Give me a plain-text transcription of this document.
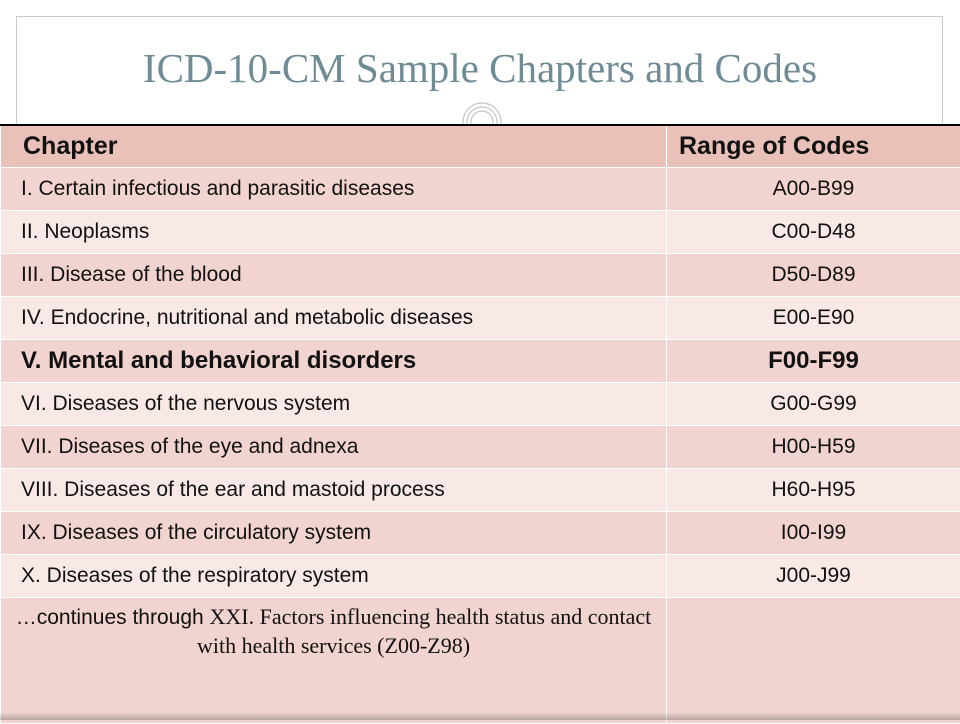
ICD-10-CM Sample Chapters and Codes
Chapter	Range of Codes
I. Certain infectious and parasitic diseases	A00-B99
II. Neoplasms	C00-D48
III. Disease of the blood	D50-D89
IV. Endocrine, nutritional and metabolic diseases	E00-E90
V. Mental and behavioral disorders	F00-F99
VI. Diseases of the nervous system	G00-G99
VII. Diseases of the eye and adnexa	H00-H59
VIII. Diseases of the ear and mastoid process	H60-H95
IX. Diseases of the circulatory system	I00-I99
X. Diseases of the respiratory system	J00-J99
…continues through XXI. Factors influencing health status and contact with health services (Z00-Z98)	
